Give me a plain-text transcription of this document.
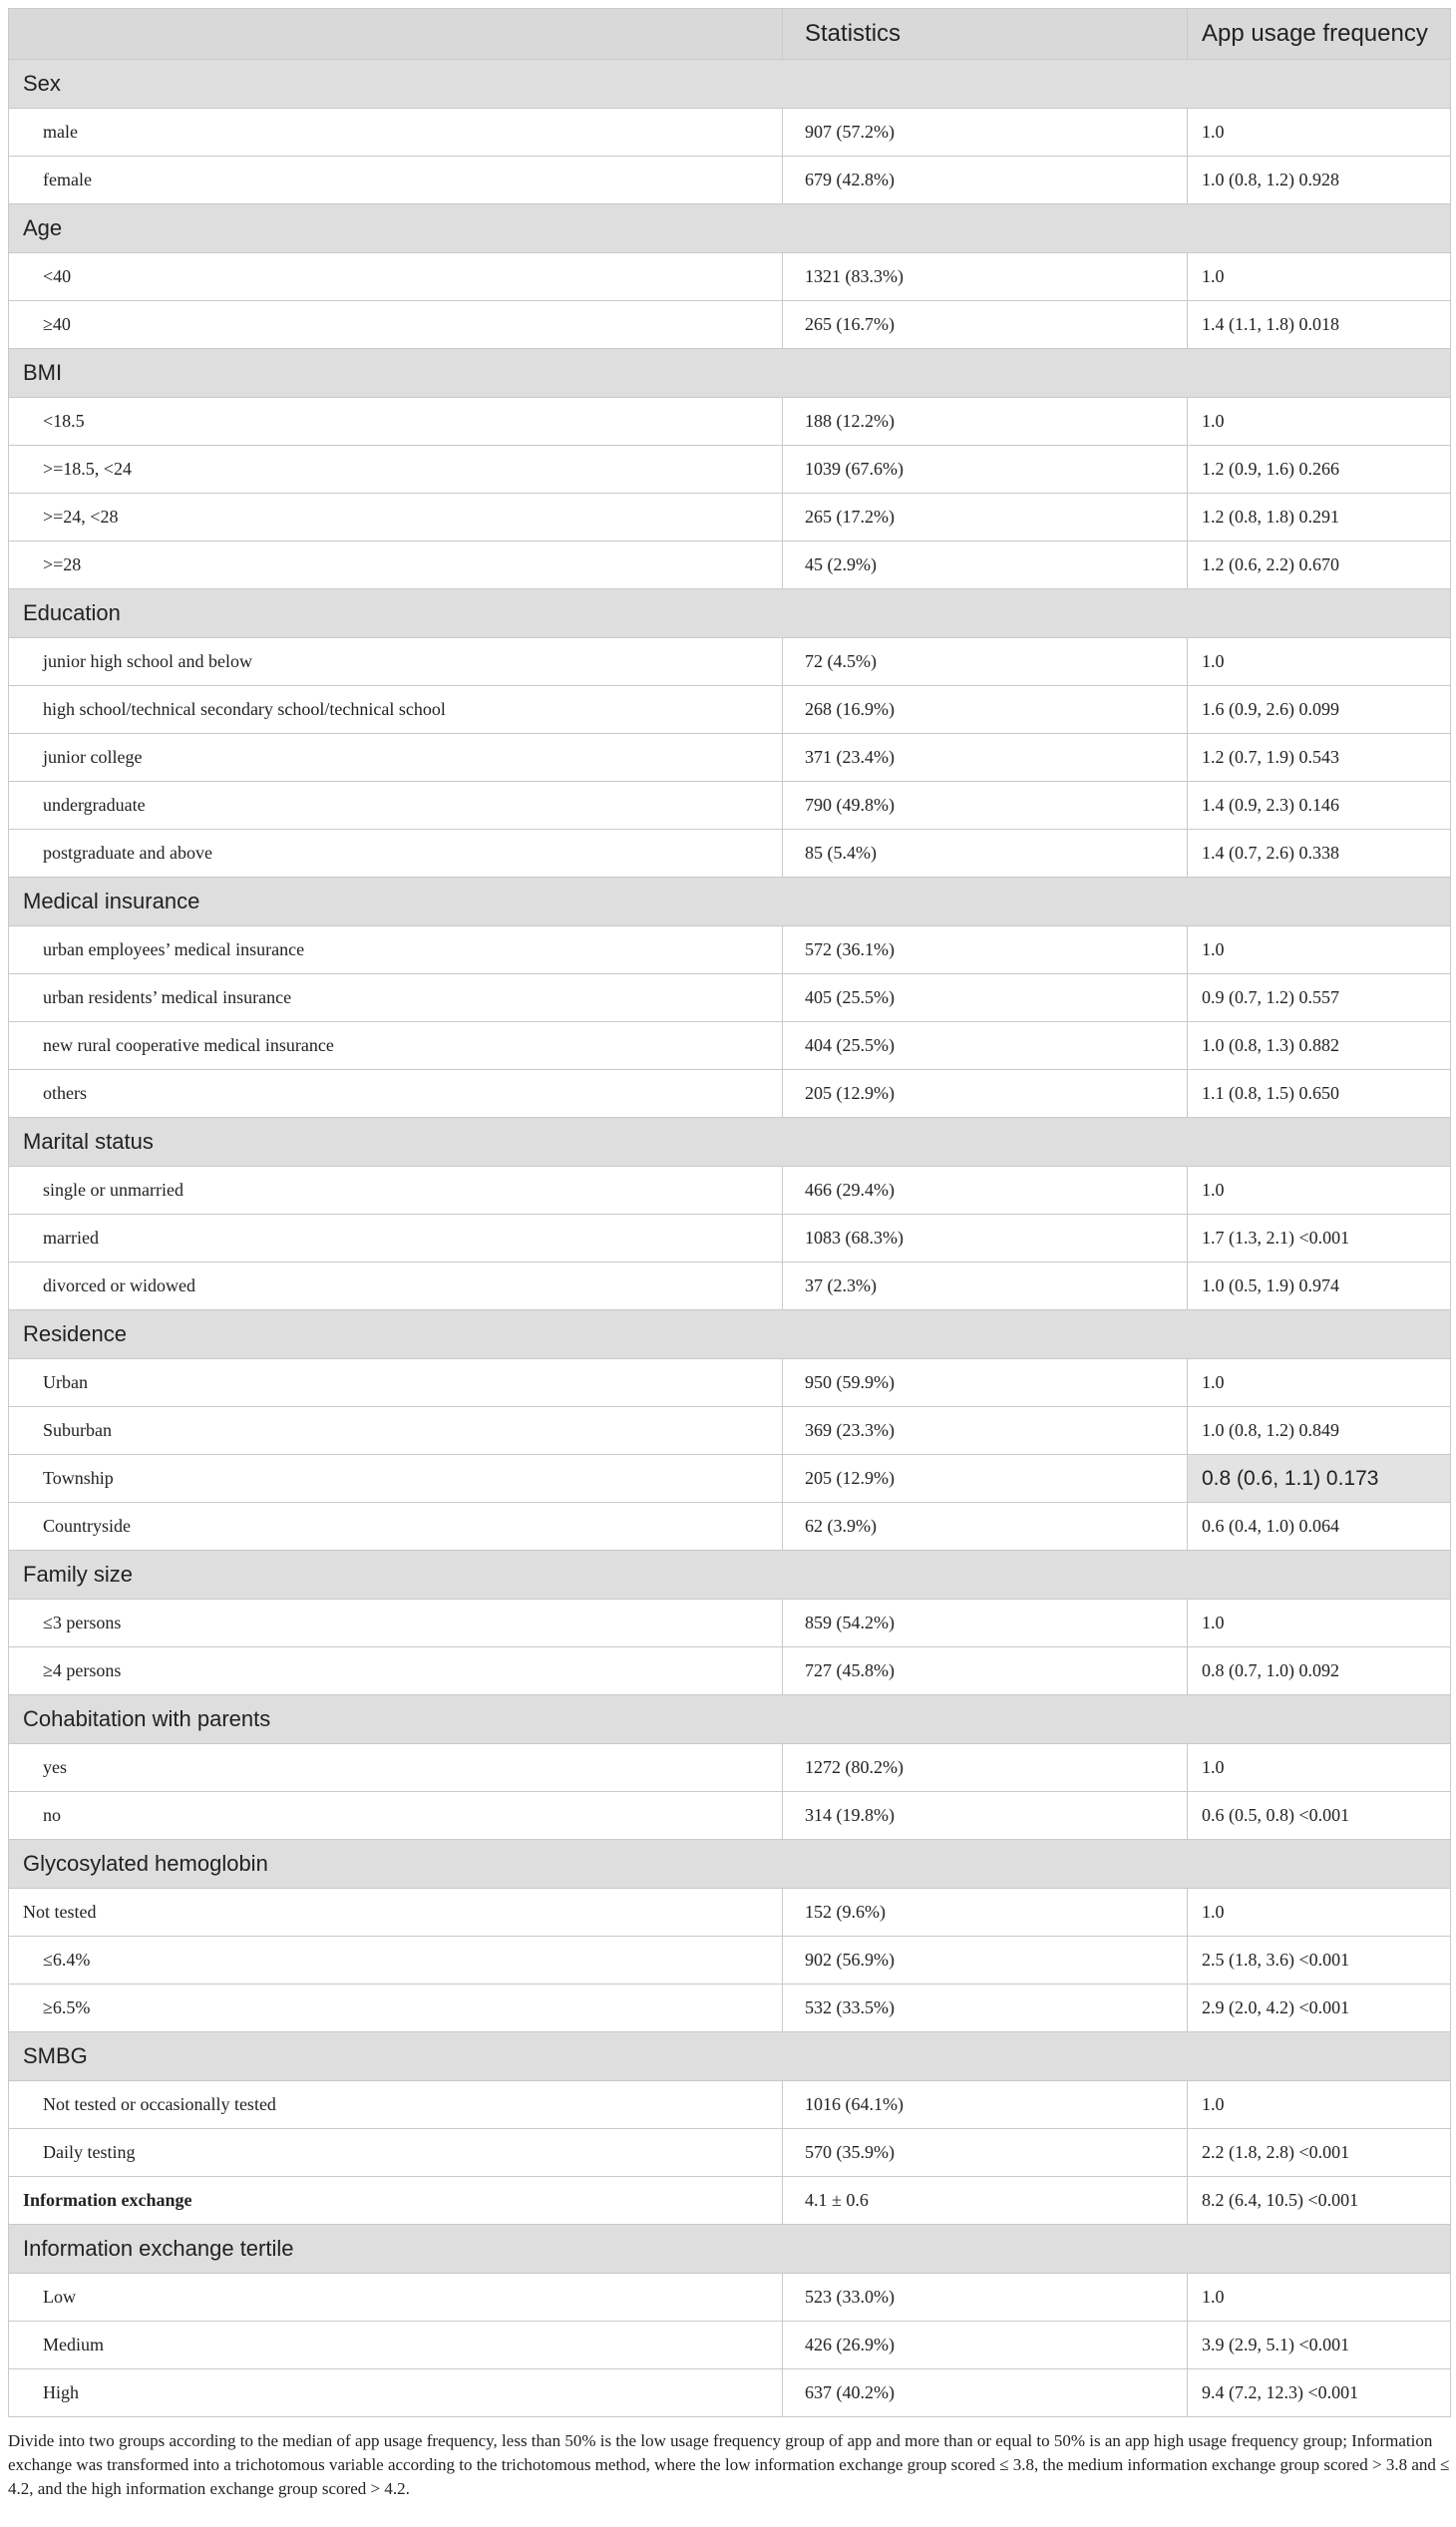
	Statistics	App usage frequency
Sex		
male	907 (57.2%)	1.0
female	679 (42.8%)	1.0 (0.8, 1.2) 0.928
Age		
<40	1321 (83.3%)	1.0
≥40	265 (16.7%)	1.4 (1.1, 1.8) 0.018
BMI		
<18.5	188 (12.2%)	1.0
>=18.5, <24	1039 (67.6%)	1.2 (0.9, 1.6) 0.266
>=24, <28	265 (17.2%)	1.2 (0.8, 1.8) 0.291
>=28	45 (2.9%)	1.2 (0.6, 2.2) 0.670
Education		
junior high school and below	72 (4.5%)	1.0
high school/technical secondary school/technical school	268 (16.9%)	1.6 (0.9, 2.6) 0.099
junior college	371 (23.4%)	1.2 (0.7, 1.9) 0.543
undergraduate	790 (49.8%)	1.4 (0.9, 2.3) 0.146
postgraduate and above	85 (5.4%)	1.4 (0.7, 2.6) 0.338
Medical insurance		
urban employees’ medical insurance	572 (36.1%)	1.0
urban residents’ medical insurance	405 (25.5%)	0.9 (0.7, 1.2) 0.557
new rural cooperative medical insurance	404 (25.5%)	1.0 (0.8, 1.3) 0.882
others	205 (12.9%)	1.1 (0.8, 1.5) 0.650
Marital status		
single or unmarried	466 (29.4%)	1.0
married	1083 (68.3%)	1.7 (1.3, 2.1) <0.001
divorced or widowed	37 (2.3%)	1.0 (0.5, 1.9) 0.974
Residence		
Urban	950 (59.9%)	1.0
Suburban	369 (23.3%)	1.0 (0.8, 1.2) 0.849
Township	205 (12.9%)	0.8 (0.6, 1.1) 0.173
Countryside	62 (3.9%)	0.6 (0.4, 1.0) 0.064
Family size		
≤3 persons	859 (54.2%)	1.0
≥4 persons	727 (45.8%)	0.8 (0.7, 1.0) 0.092
Cohabitation with parents		
yes	1272 (80.2%)	1.0
no	314 (19.8%)	0.6 (0.5, 0.8) <0.001
Glycosylated hemoglobin		
Not tested	152 (9.6%)	1.0
≤6.4%	902 (56.9%)	2.5 (1.8, 3.6) <0.001
≥6.5%	532 (33.5%)	2.9 (2.0, 4.2) <0.001
SMBG		
Not tested or occasionally tested	1016 (64.1%)	1.0
Daily testing	570 (35.9%)	2.2 (1.8, 2.8) <0.001
Information exchange	4.1 ± 0.6	8.2 (6.4, 10.5) <0.001
Information exchange tertile		
Low	523 (33.0%)	1.0
Medium	426 (26.9%)	3.9 (2.9, 5.1) <0.001
High	637 (40.2%)	9.4 (7.2, 12.3) <0.001
Divide into two groups according to the median of app usage frequency, less than 50% is the low usage frequency group of app and more than or equal to 50% is an app high usage frequency group; Information exchange was transformed into a trichotomous variable according to the trichotomous method, where the low information exchange group scored ≤ 3.8, the medium information exchange group scored > 3.8 and ≤ 4.2, and the high information exchange group scored > 4.2.
